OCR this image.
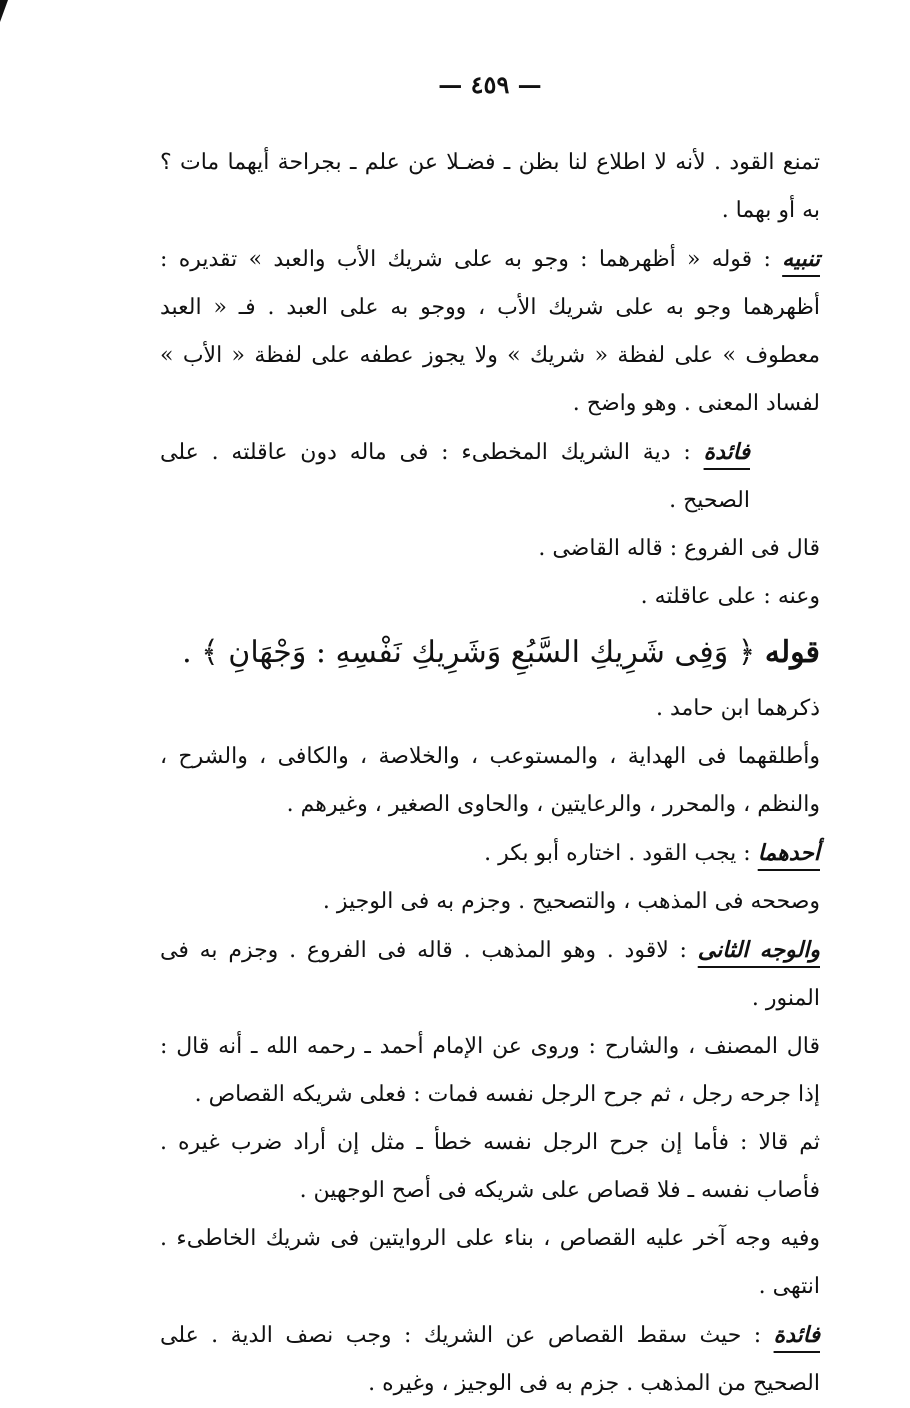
— ٤٥٩ —

تمنع القود . لأنه لا اطلاع لنا بظن ـ فضـلا عن علم ـ بجراحة أيهما مات ؟ به أو بهما .

تنبيه : قوله « أظهرهما : وجو به على شريك الأب والعبد » تقديره : أظهرهما وجو به على شريك الأب ، ووجو به على العبد . فـ « العبد معطوف » على لفظة « شريك » ولا يجوز عطفه على لفظة « الأب » لفساد المعنى . وهو واضح .

فائدة : دية الشريك المخطىء : فى ماله دون عاقلته . على الصحيح .

قال فى الفروع : قاله القاضى .

وعنه : على عاقلته .

قوله ﴿ وَفِى شَرِيكِ السَّبُعِ وَشَرِيكِ نَفْسِهِ : وَجْهَانِ ﴾ .

ذكرهما ابن حامد .

وأطلقهما فى الهداية ، والمستوعب ، والخلاصة ، والكافى ، والشرح ، والنظم ، والمحرر ، والرعايتين ، والحاوى الصغير ، وغيرهم .

أحدهما : يجب القود . اختاره أبو بكر .

وصححه فى المذهب ، والتصحيح . وجزم به فى الوجيز .

والوجه الثانى : لاقود . وهو المذهب . قاله فى الفروع . وجزم به فى المنور .

قال المصنف ، والشارح : وروى عن الإمام أحمد ـ رحمه الله ـ أنه قال : إذا جرحه رجل ، ثم جرح الرجل نفسه فمات : فعلى شريكه القصاص .

ثم قالا : فأما إن جرح الرجل نفسه خطأ ـ مثل إن أراد ضرب غيره . فأصاب نفسه ـ فلا قصاص على شريكه فى أصح الوجهين .

وفيه وجه آخر عليه القصاص ، بناء على الروايتين فى شريك الخاطىء . انتهى .

فائدة : حيث سقط القصاص عن الشريك : وجب نصف الدية . على الصحيح من المذهب . جزم به فى الوجيز ، وغيره .
